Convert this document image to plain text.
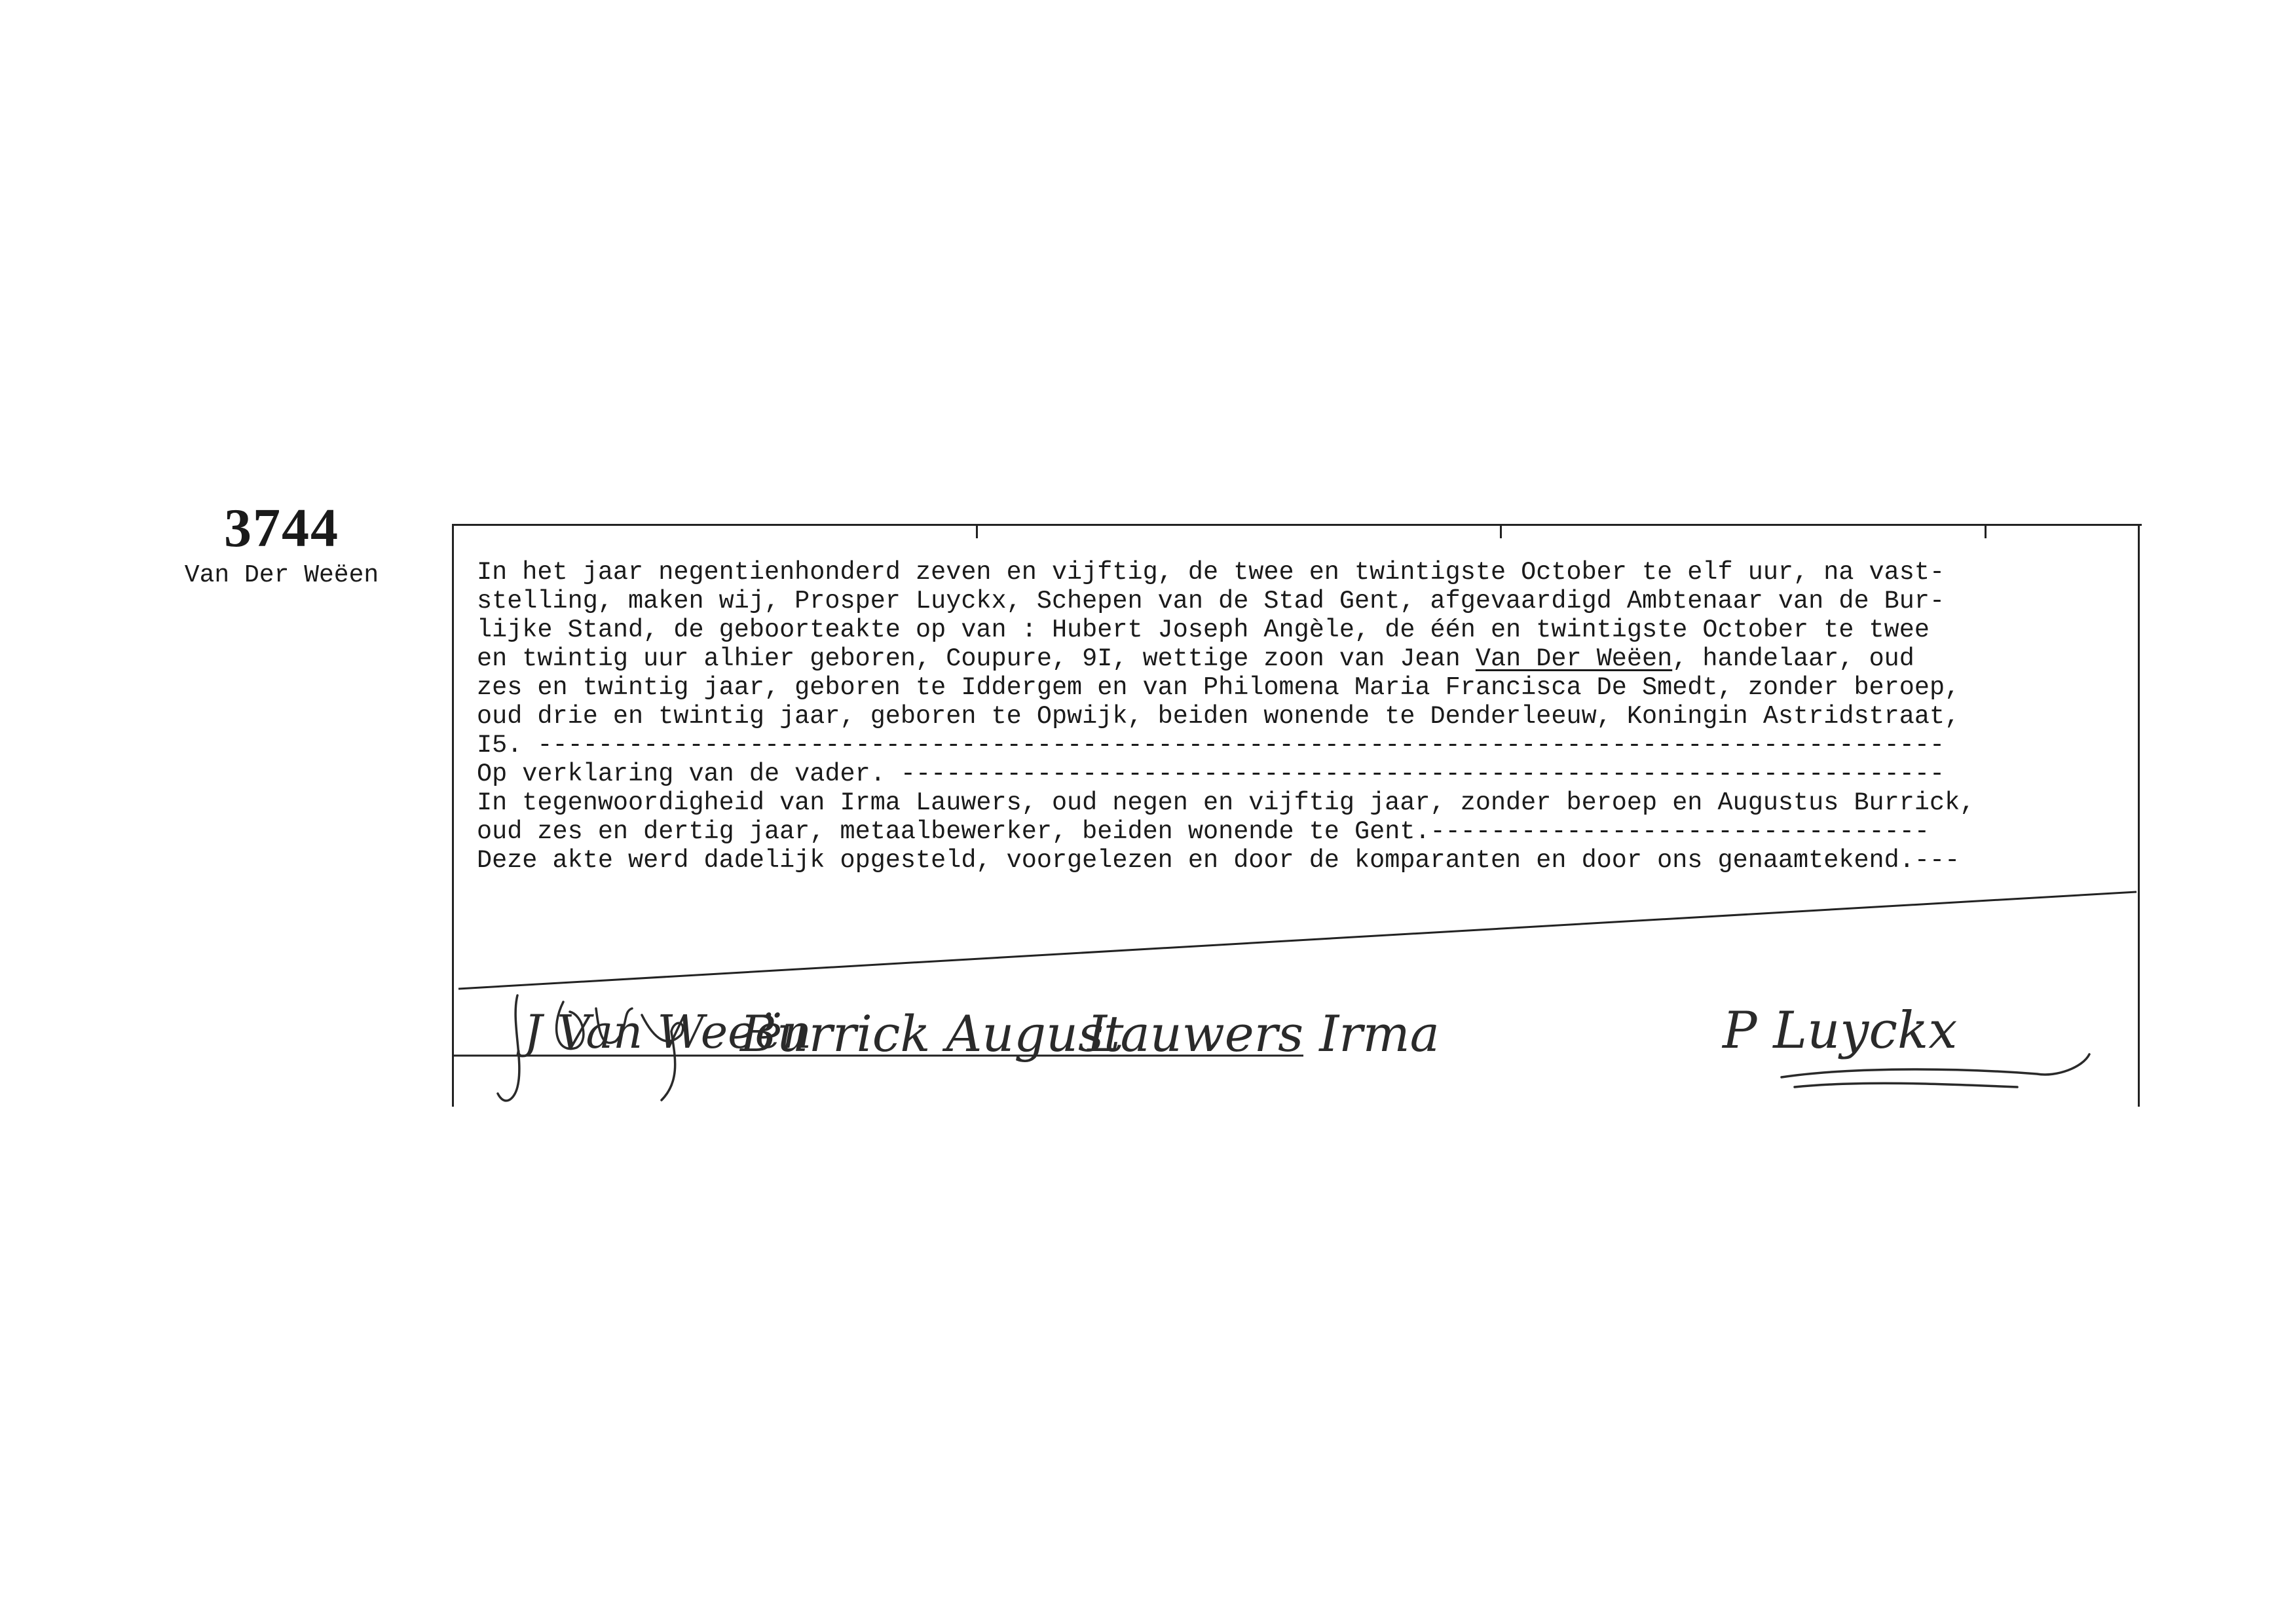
3744
Van Der Weëen	In het jaar negentienhonderd zeven en vijftig, de twee en twintigste October te elf uur, na vast-
stelling, maken wij, Prosper Luyckx, Schepen van de Stad Gent, afgevaardigd Ambtenaar van de Bur-
lijke Stand, de geboorteakte op van : Hubert Joseph Angèle, de één en twintigste October te twee
en twintig uur alhier geboren, Coupure, 9I, wettige zoon van Jean Van Der Weëen, handelaar, oud
zes en twintig jaar, geboren te Iddergem en van Philomena Maria Francisca De Smedt, zonder beroep,
oud drie en twintig jaar, geboren te Opwijk, beiden wonende te Denderleeuw, Koningin Astridstraat,
I5. ---------------------------------------------------------------------------------------------
Op verklaring van de vader. ---------------------------------------------------------------------
In tegenwoordigheid van Irma Lauwers, oud negen en vijftig jaar, zonder beroep en Augustus Burrick,
oud zes en dertig jaar, metaalbewerker, beiden wonende te Gent.---------------------------------
Deze akte werd dadelijk opgesteld, voorgelezen en door de komparanten en door ons genaamtekend.---
J Van Weeën
Burrick August
Lauwers Irma	P Luyckx
